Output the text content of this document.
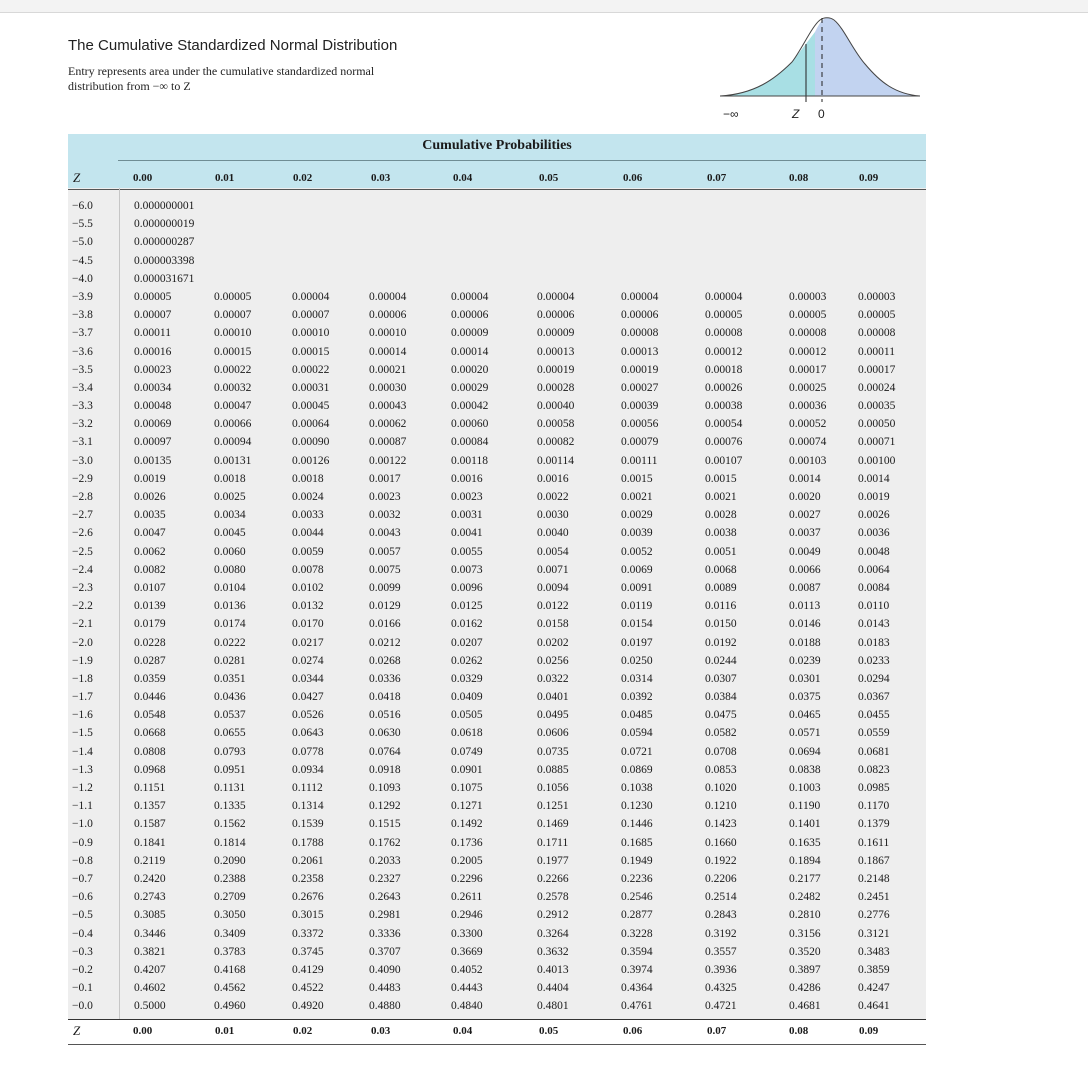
The Cumulative Standardized Normal Distribution
Entry represents area under the cumulative standardized normal distribution from −∞ to Z
−∞	Z 0
Cumulative Probabilities
Z	0.00	0.01	0.02	0.03	0.04	0.05	0.06	0.07	0.08	0.09
−6.0	0.000000001
−5.5	0.000000019
−5.0	0.000000287
−4.5	0.000003398
−4.0	0.000031671
−3.9	0.00005	0.00005	0.00004	0.00004	0.00004	0.00004	0.00004	0.00004	0.00003	0.00003
−3.8	0.00007	0.00007	0.00007	0.00006	0.00006	0.00006	0.00006	0.00005	0.00005	0.00005
−3.7	0.00011	0.00010	0.00010	0.00010	0.00009	0.00009	0.00008	0.00008	0.00008	0.00008
−3.6	0.00016	0.00015	0.00015	0.00014	0.00014	0.00013	0.00013	0.00012	0.00012	0.00011
−3.5	0.00023	0.00022	0.00022	0.00021	0.00020	0.00019	0.00019	0.00018	0.00017	0.00017
−3.4	0.00034	0.00032	0.00031	0.00030	0.00029	0.00028	0.00027	0.00026	0.00025	0.00024
−3.3	0.00048	0.00047	0.00045	0.00043	0.00042	0.00040	0.00039	0.00038	0.00036	0.00035
−3.2	0.00069	0.00066	0.00064	0.00062	0.00060	0.00058	0.00056	0.00054	0.00052	0.00050
−3.1	0.00097	0.00094	0.00090	0.00087	0.00084	0.00082	0.00079	0.00076	0.00074	0.00071
−3.0	0.00135	0.00131	0.00126	0.00122	0.00118	0.00114	0.00111	0.00107	0.00103	0.00100
−2.9	0.0019	0.0018	0.0018	0.0017	0.0016	0.0016	0.0015	0.0015	0.0014	0.0014
−2.8	0.0026	0.0025	0.0024	0.0023	0.0023	0.0022	0.0021	0.0021	0.0020	0.0019
−2.7	0.0035	0.0034	0.0033	0.0032	0.0031	0.0030	0.0029	0.0028	0.0027	0.0026
−2.6	0.0047	0.0045	0.0044	0.0043	0.0041	0.0040	0.0039	0.0038	0.0037	0.0036
−2.5	0.0062	0.0060	0.0059	0.0057	0.0055	0.0054	0.0052	0.0051	0.0049	0.0048
−2.4	0.0082	0.0080	0.0078	0.0075	0.0073	0.0071	0.0069	0.0068	0.0066	0.0064
−2.3	0.0107	0.0104	0.0102	0.0099	0.0096	0.0094	0.0091	0.0089	0.0087	0.0084
−2.2	0.0139	0.0136	0.0132	0.0129	0.0125	0.0122	0.0119	0.0116	0.0113	0.0110
−2.1	0.0179	0.0174	0.0170	0.0166	0.0162	0.0158	0.0154	0.0150	0.0146	0.0143
−2.0	0.0228	0.0222	0.0217	0.0212	0.0207	0.0202	0.0197	0.0192	0.0188	0.0183
−1.9	0.0287	0.0281	0.0274	0.0268	0.0262	0.0256	0.0250	0.0244	0.0239	0.0233
−1.8	0.0359	0.0351	0.0344	0.0336	0.0329	0.0322	0.0314	0.0307	0.0301	0.0294
−1.7	0.0446	0.0436	0.0427	0.0418	0.0409	0.0401	0.0392	0.0384	0.0375	0.0367
−1.6	0.0548	0.0537	0.0526	0.0516	0.0505	0.0495	0.0485	0.0475	0.0465	0.0455
−1.5	0.0668	0.0655	0.0643	0.0630	0.0618	0.0606	0.0594	0.0582	0.0571	0.0559
−1.4	0.0808	0.0793	0.0778	0.0764	0.0749	0.0735	0.0721	0.0708	0.0694	0.0681
−1.3	0.0968	0.0951	0.0934	0.0918	0.0901	0.0885	0.0869	0.0853	0.0838	0.0823
−1.2	0.1151	0.1131	0.1112	0.1093	0.1075	0.1056	0.1038	0.1020	0.1003	0.0985
−1.1	0.1357	0.1335	0.1314	0.1292	0.1271	0.1251	0.1230	0.1210	0.1190	0.1170
−1.0	0.1587	0.1562	0.1539	0.1515	0.1492	0.1469	0.1446	0.1423	0.1401	0.1379
−0.9	0.1841	0.1814	0.1788	0.1762	0.1736	0.1711	0.1685	0.1660	0.1635	0.1611
−0.8	0.2119	0.2090	0.2061	0.2033	0.2005	0.1977	0.1949	0.1922	0.1894	0.1867
−0.7	0.2420	0.2388	0.2358	0.2327	0.2296	0.2266	0.2236	0.2206	0.2177	0.2148
−0.6	0.2743	0.2709	0.2676	0.2643	0.2611	0.2578	0.2546	0.2514	0.2482	0.2451
−0.5	0.3085	0.3050	0.3015	0.2981	0.2946	0.2912	0.2877	0.2843	0.2810	0.2776
−0.4	0.3446	0.3409	0.3372	0.3336	0.3300	0.3264	0.3228	0.3192	0.3156	0.3121
−0.3	0.3821	0.3783	0.3745	0.3707	0.3669	0.3632	0.3594	0.3557	0.3520	0.3483
−0.2	0.4207	0.4168	0.4129	0.4090	0.4052	0.4013	0.3974	0.3936	0.3897	0.3859
−0.1	0.4602	0.4562	0.4522	0.4483	0.4443	0.4404	0.4364	0.4325	0.4286	0.4247
−0.0	0.5000	0.4960	0.4920	0.4880	0.4840	0.4801	0.4761	0.4721	0.4681	0.4641
Z	0.00	0.01	0.02	0.03	0.04	0.05	0.06	0.07	0.08	0.09
